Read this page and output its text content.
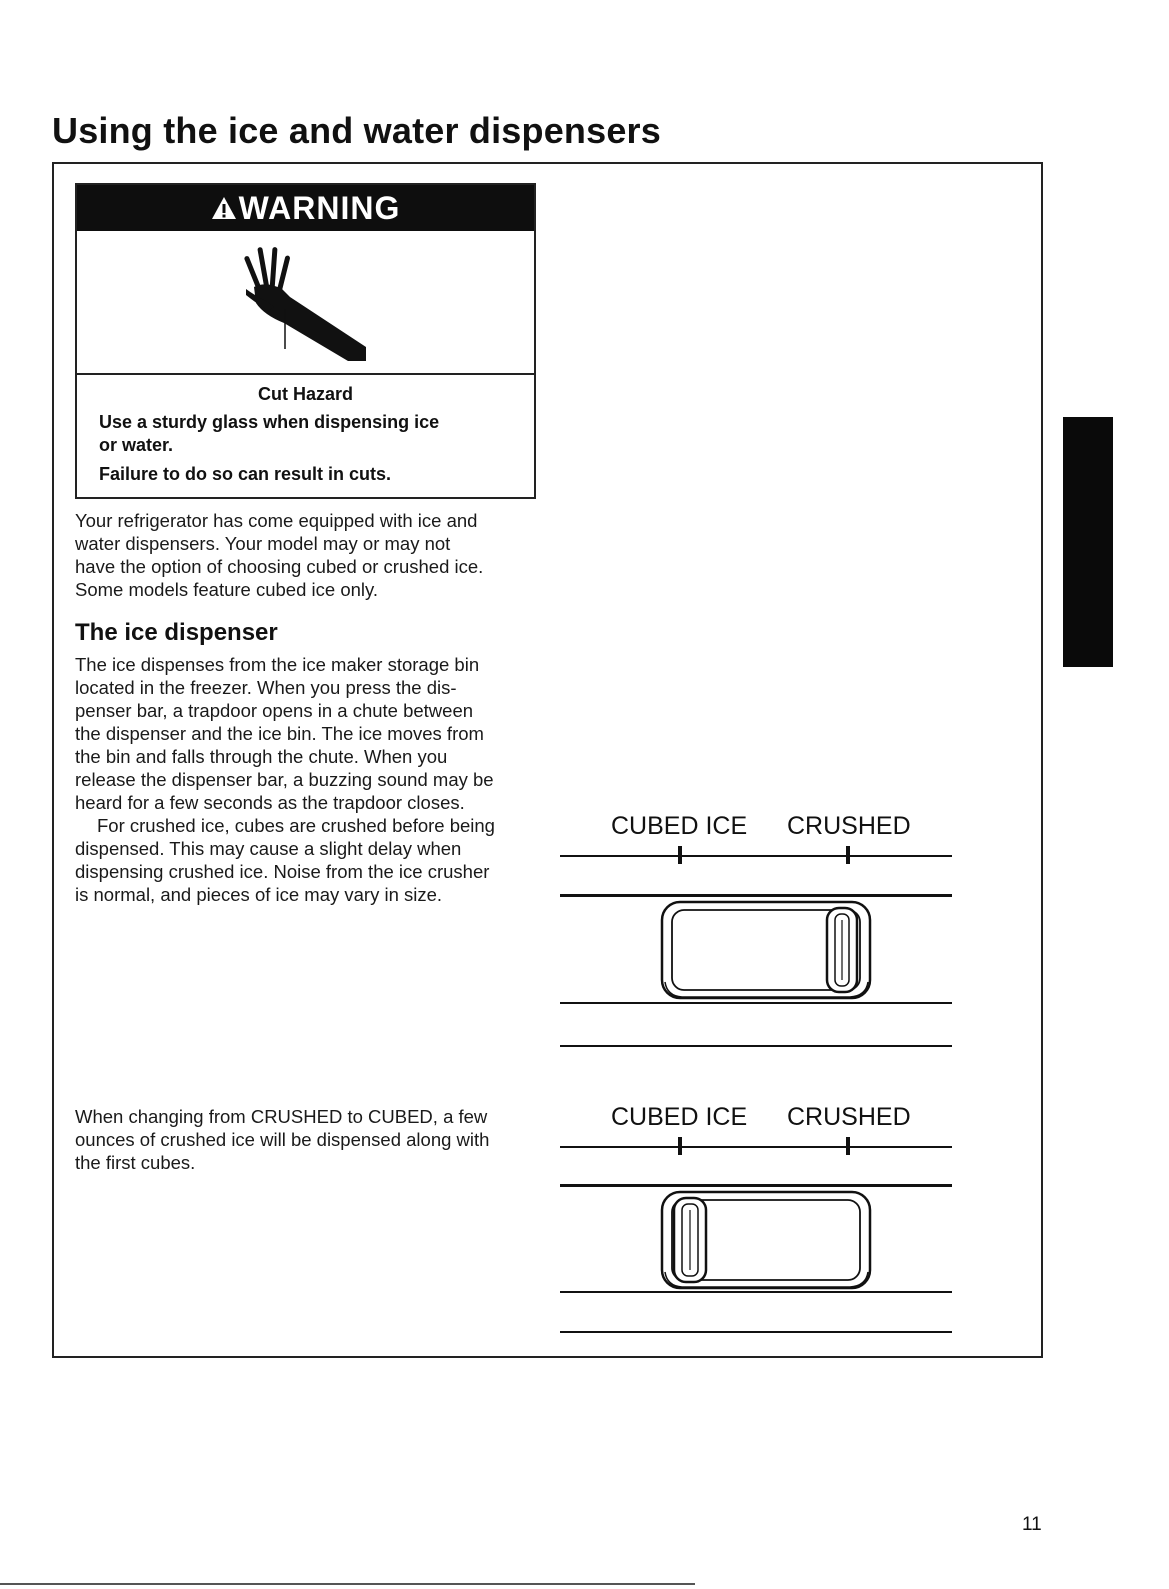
Using the ice and water dispensers
WARNING
Cut Hazard
Use a sturdy glass when dispensing ice
or water.
Failure to do so can result in cuts.
Your refrigerator has come equipped with ice and
water dispensers. Your model may or may not
have the option of choosing cubed or crushed ice.
Some models feature cubed ice only.
The ice dispenser
The ice dispenses from the ice maker storage bin
located in the freezer. When you press the dis-
penser bar, a trapdoor opens in a chute between
the dispenser and the ice bin. The ice moves from
the bin and falls through the chute. When you
release the dispenser bar, a buzzing sound may be
heard for a few seconds as the trapdoor closes.
For crushed ice, cubes are crushed before being
dispensed. This may cause a slight delay when
dispensing crushed ice. Noise from the ice crusher
is normal, and pieces of ice may vary in size.
When changing from CRUSHED to CUBED, a few
ounces of crushed ice will be dispensed along with
the first cubes.
CUBED ICE CRUSHED
CUBED ICE CRUSHED
11
